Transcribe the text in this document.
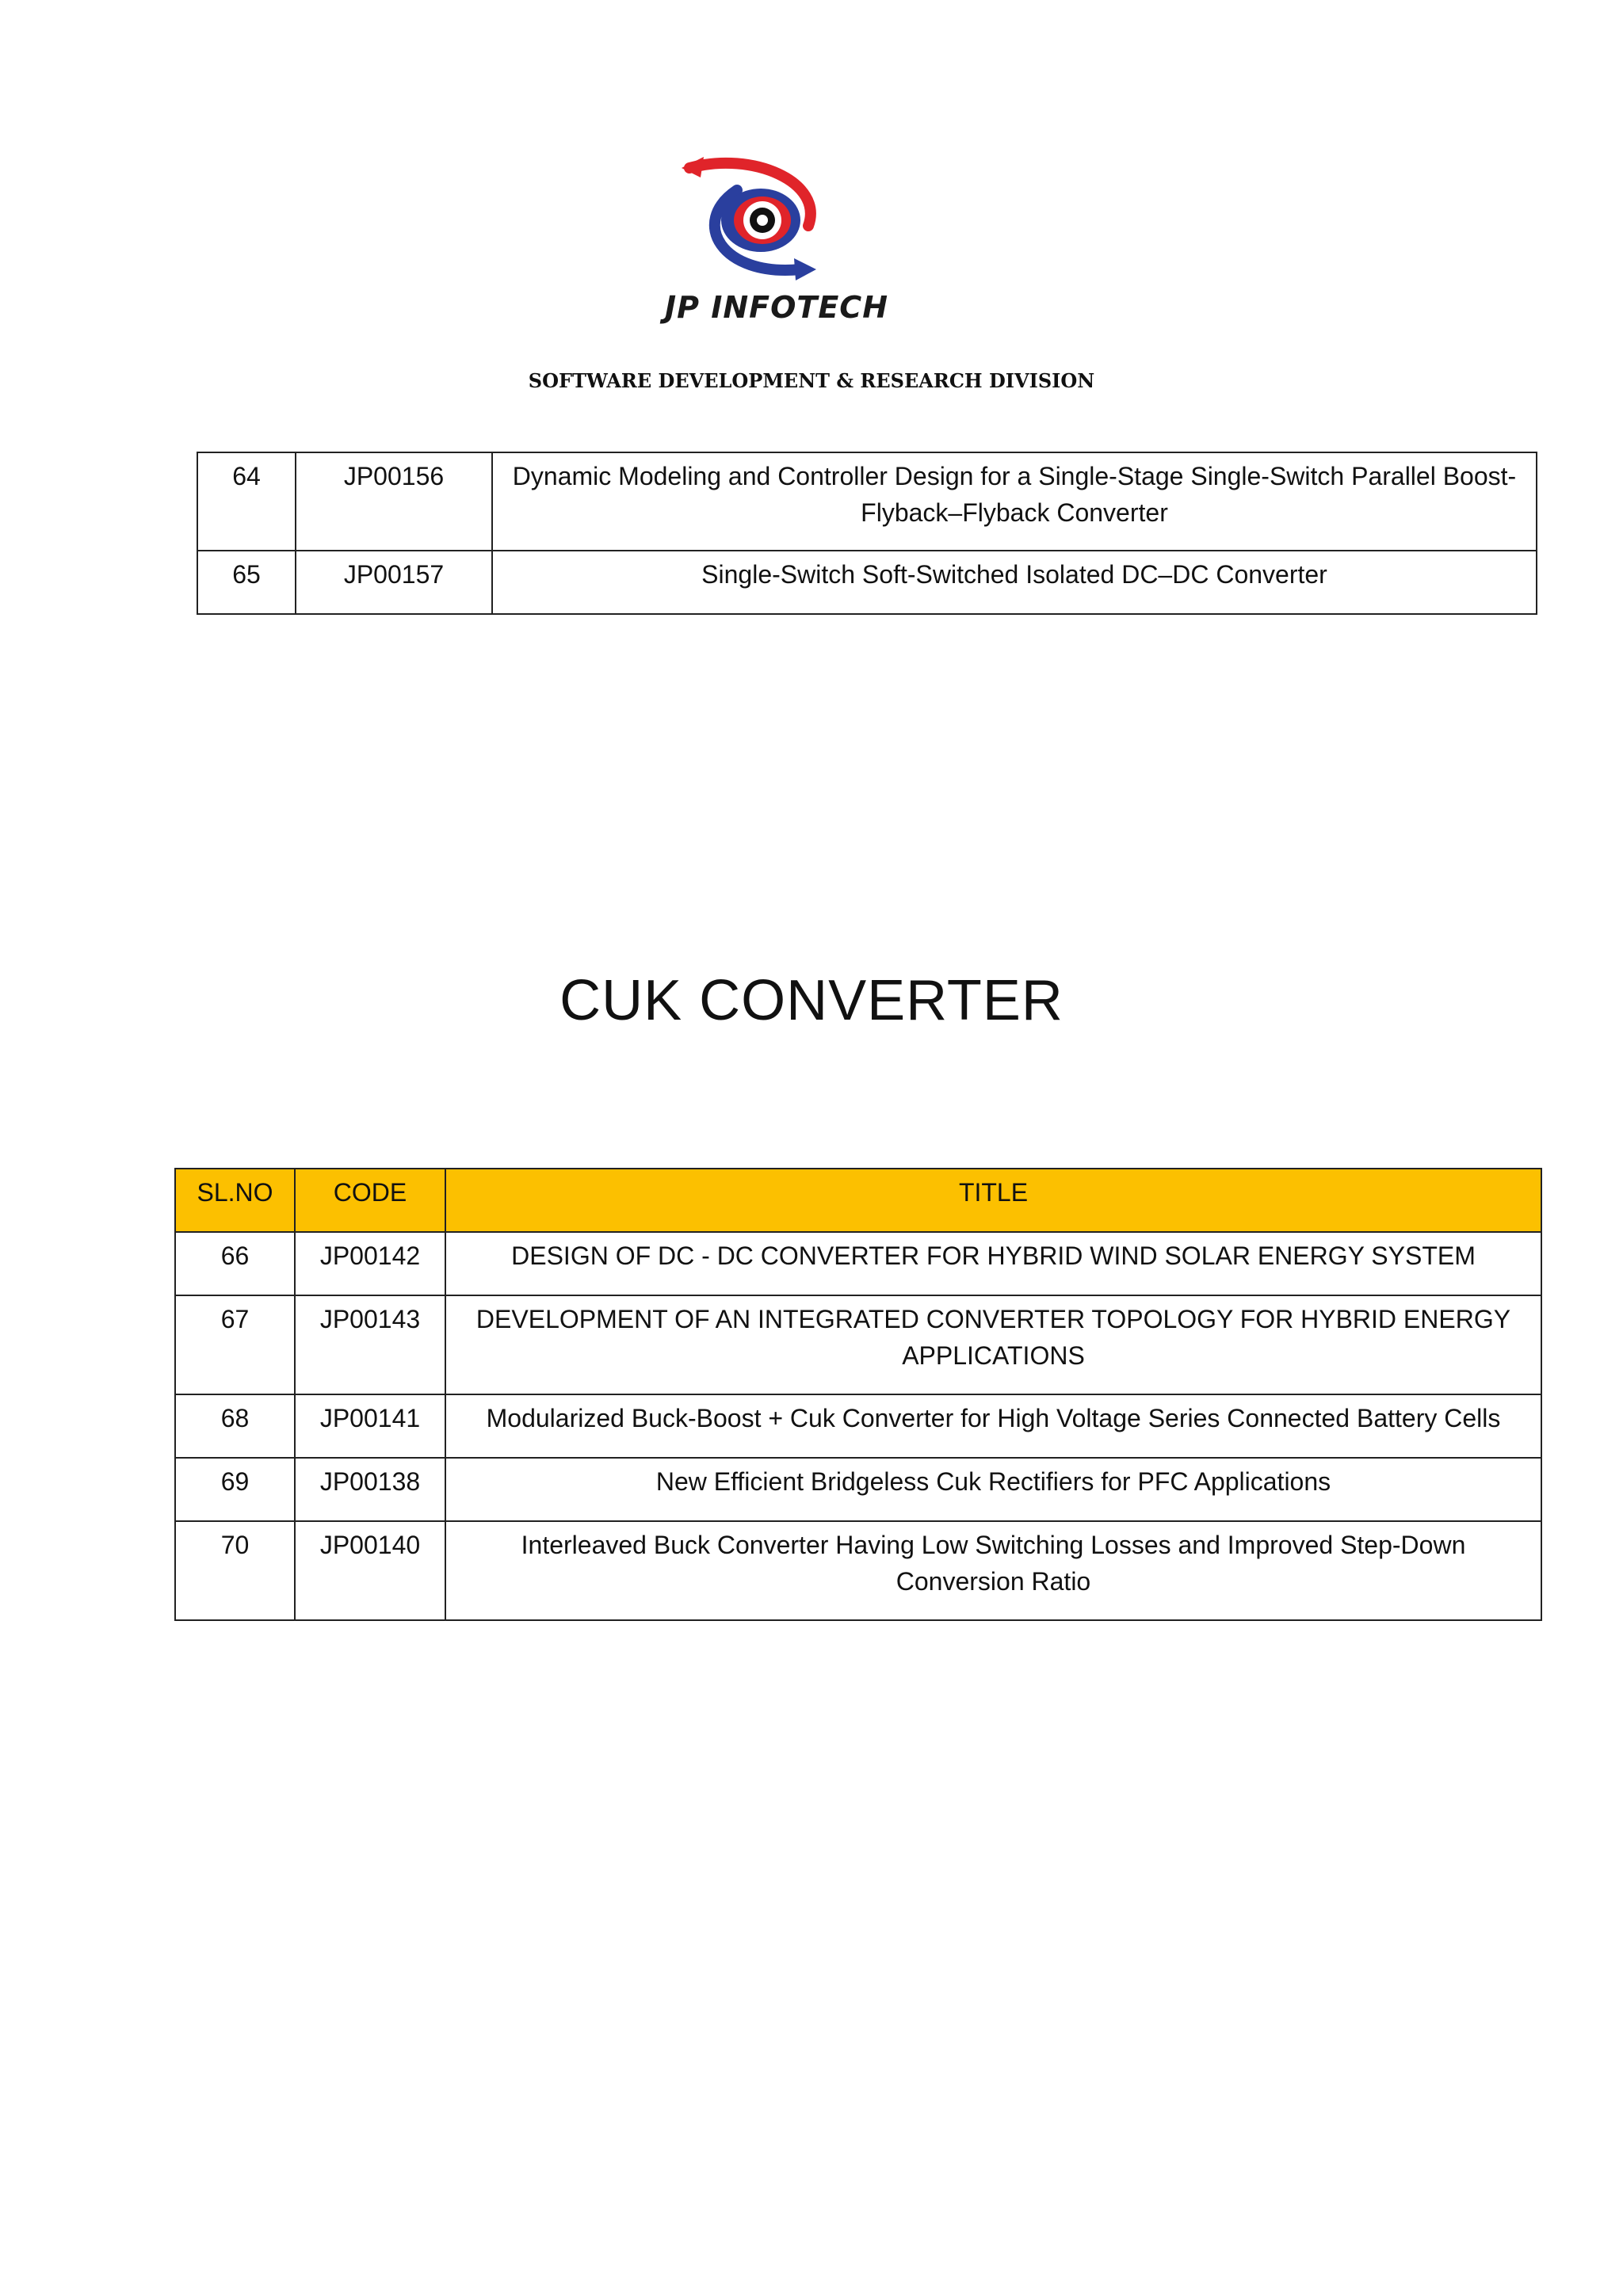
JP INFOTECH
SOFTWARE DEVELOPMENT & RESEARCH DIVISION
64	JP00156	Dynamic Modeling and Controller Design for a Single-Stage Single-Switch Parallel Boost-Flyback–Flyback Converter
65	JP00157	Single-Switch Soft-Switched Isolated DC–DC Converter
CUK CONVERTER
SL.NO	CODE	TITLE
66	JP00142	DESIGN OF DC - DC CONVERTER FOR HYBRID WIND SOLAR ENERGY SYSTEM
67	JP00143	DEVELOPMENT OF AN INTEGRATED CONVERTER TOPOLOGY FOR HYBRID ENERGY APPLICATIONS
68	JP00141	Modularized Buck-Boost + Cuk Converter for High Voltage Series Connected Battery Cells
69	JP00138	New Efficient Bridgeless Cuk Rectifiers for PFC Applications
70	JP00140	Interleaved Buck Converter Having Low Switching Losses and Improved Step-Down Conversion Ratio
